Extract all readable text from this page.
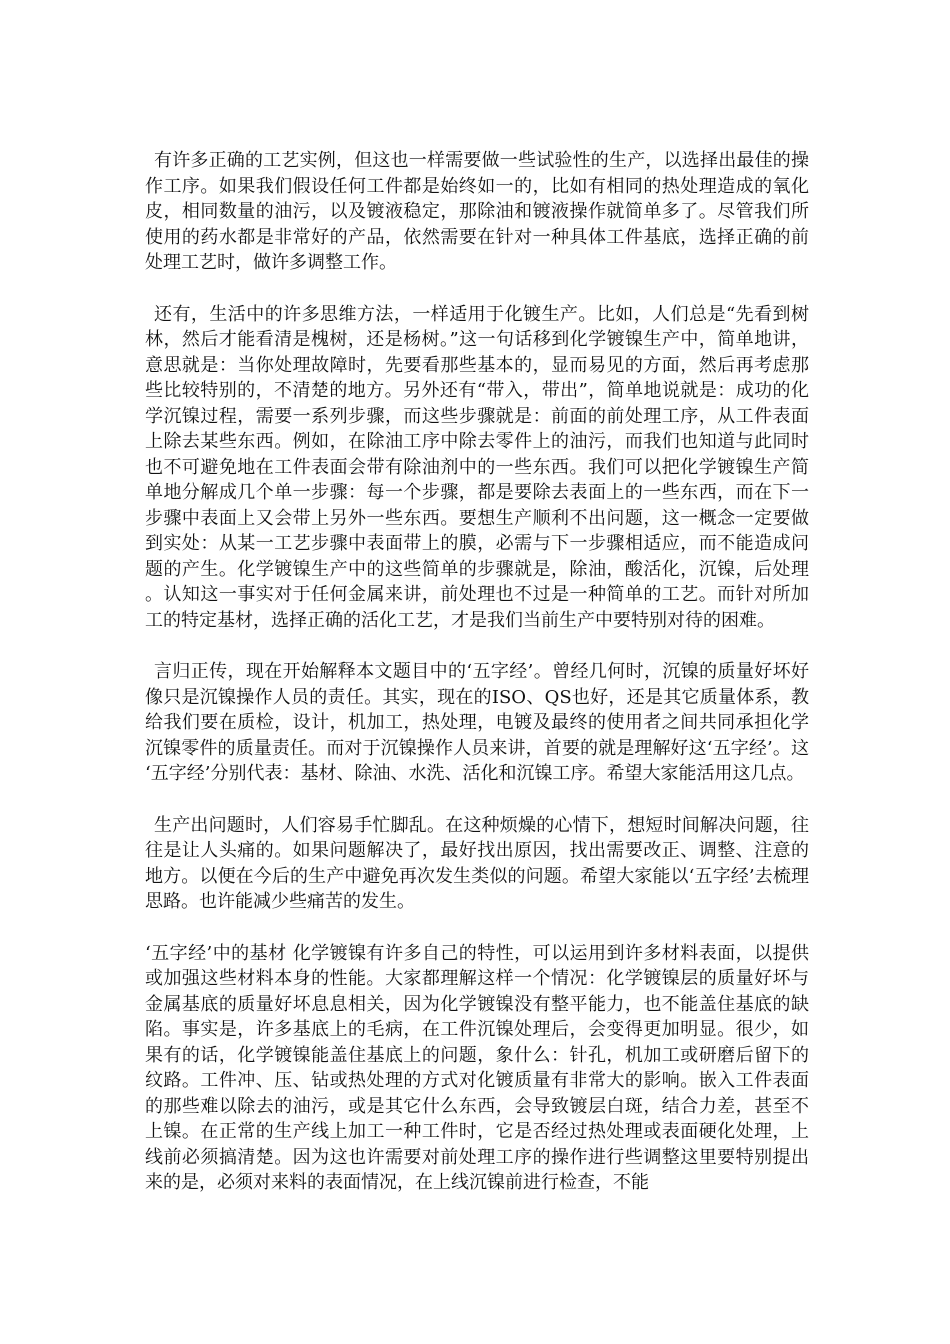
有许多正确的工艺实例，但这也一样需要做一些试验性的生产，以选择出最佳的操作工序。如果我们假设任何工件都是始终如一的，比如有相同的热处理造成的氧化皮，相同数量的油污，以及镀液稳定，那除油和镀液操作就简单多了。尽管我们所使用的药水都是非常好的产品，依然需要在针对一种具体工件基底，选择正确的前处理工艺时，做许多调整工作。

还有，生活中的许多思维方法，一样适用于化镀生产。比如，人们总是“先看到树林，然后才能看清是槐树，还是杨树。”这一句话移到化学镀镍生产中，简单地讲，意思就是：当你处理故障时，先要看那些基本的，显而易见的方面，然后再考虑那些比较特别的，不清楚的地方。另外还有“带入，带出”，简单地说就是：成功的化学沉镍过程，需要一系列步骤，而这些步骤就是：前面的前处理工序，从工件表面上除去某些东西。例如，在除油工序中除去零件上的油污，而我们也知道与此同时也不可避免地在工件表面会带有除油剂中的一些东西。我们可以把化学镀镍生产简单地分解成几个单一步骤：每一个步骤，都是要除去表面上的一些东西，而在下一步骤中表面上又会带上另外一些东西。要想生产顺利不出问题，这一概念一定要做到实处：从某一工艺步骤中表面带上的膜，必需与下一步骤相适应，而不能造成问题的产生。化学镀镍生产中的这些简单的步骤就是，除油，酸活化，沉镍，后处理。认知这一事实对于任何金属来讲，前处理也不过是一种简单的工艺。而针对所加工的特定基材，选择正确的活化工艺，才是我们当前生产中要特别对待的困难。

言归正传，现在开始解释本文题目中的‘五字经’。曾经几何时，沉镍的质量好坏好像只是沉镍操作人员的责任。其实，现在的ISO、QS也好，还是其它质量体系，教给我们要在质检，设计，机加工，热处理，电镀及最终的使用者之间共同承担化学沉镍零件的质量责任。而对于沉镍操作人员来讲，首要的就是理解好这‘五字经’。这‘五字经’分别代表：基材、除油、水洗、活化和沉镍工序。希望大家能活用这几点。

生产出问题时，人们容易手忙脚乱。在这种烦燥的心情下，想短时间解决问题，往往是让人头痛的。如果问题解决了，最好找出原因，找出需要改正、调整、注意的地方。以便在今后的生产中避免再次发生类似的问题。希望大家能以‘五字经’去梳理思路。也许能减少些痛苦的发生。

‘五字经’中的基材 化学镀镍有许多自己的特性，可以运用到许多材料表面，以提供或加强这些材料本身的性能。大家都理解这样一个情况：化学镀镍层的质量好坏与金属基底的质量好坏息息相关，因为化学镀镍没有整平能力，也不能盖住基底的缺陷。事实是，许多基底上的毛病，在工件沉镍处理后，会变得更加明显。很少，如果有的话，化学镀镍能盖住基底上的问题，象什么：针孔，机加工或研磨后留下的纹路。工件冲、压、钻或热处理的方式对化镀质量有非常大的影响。嵌入工件表面的那些难以除去的油污，或是其它什么东西，会导致镀层白斑，结合力差，甚至不上镍。在正常的生产线上加工一种工件时，它是否经过热处理或表面硬化处理，上线前必须搞清楚。因为这也许需要对前处理工序的操作进行些调整这里要特别提出来的是，必须对来料的表面情况，在上线沉镍前进行检查，不能
